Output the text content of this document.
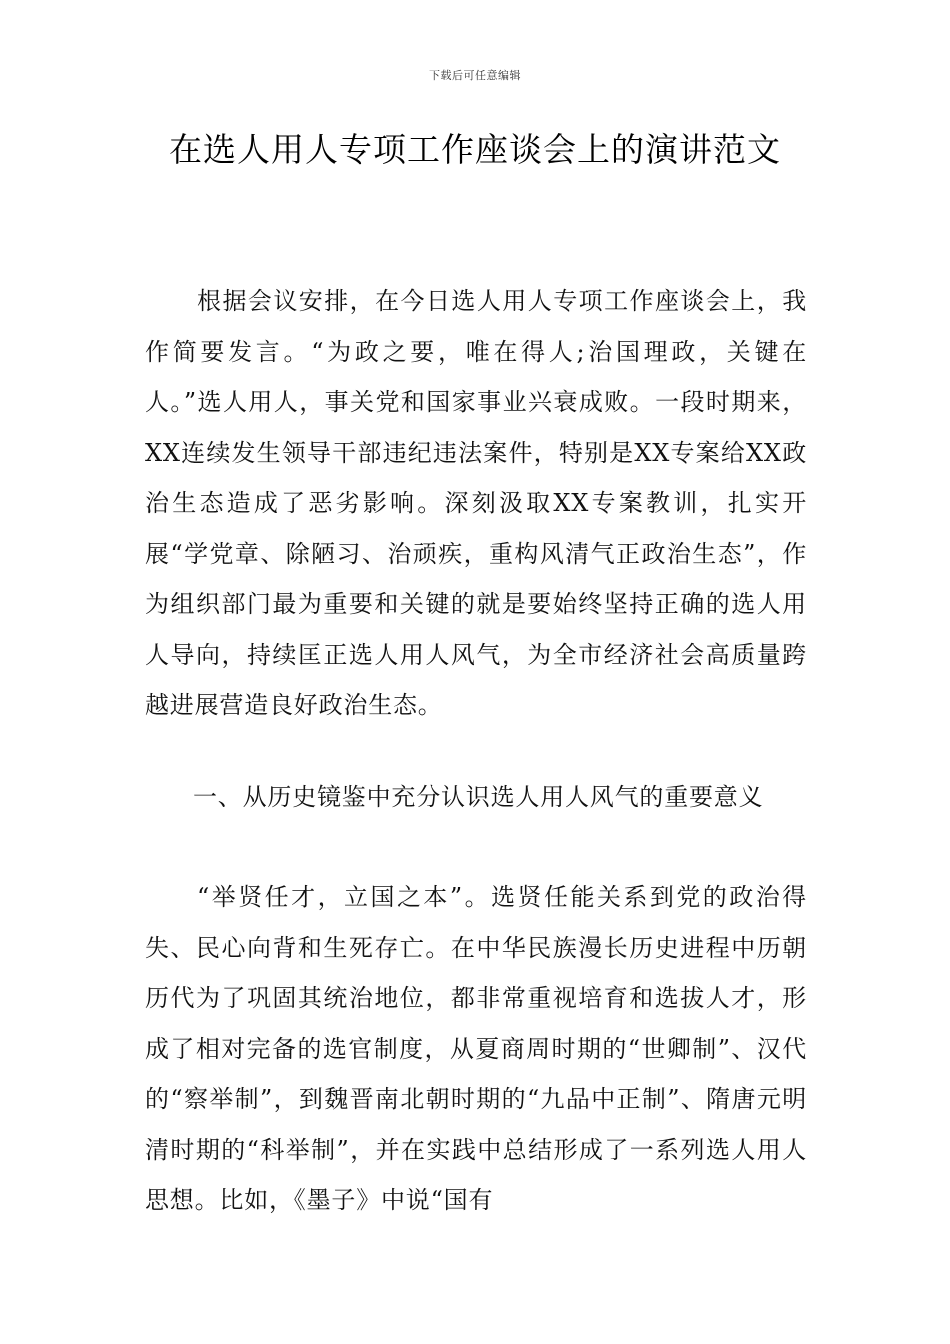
下载后可任意编辑
在选人用人专项工作座谈会上的演讲范文

根据会议安排，在今日选人用人专项工作座谈会上，我作简要发言。“为政之要，唯在得人;治国理政，关键在人。”选人用人，事关党和国家事业兴衰成败。一段时期来，XX连续发生领导干部违纪违法案件，特别是XX专案给XX政治生态造成了恶劣影响。深刻汲取XX专案教训，扎实开展“学党章、除陋习、治顽疾，重构风清气正政治生态”，作为组织部门最为重要和关键的就是要始终坚持正确的选人用人导向，持续匡正选人用人风气，为全市经济社会高质量跨越进展营造良好政治生态。

一、从历史镜鉴中充分认识选人用人风气的重要意义

“举贤任才，立国之本”。选贤任能关系到党的政治得失、民心向背和生死存亡。在中华民族漫长历史进程中历朝历代为了巩固其统治地位，都非常重视培育和选拔人才，形成了相对完备的选官制度，从夏商周时期的“世卿制”、汉代的“察举制”，到魏晋南北朝时期的“九品中正制”、隋唐元明清时期的“科举制”，并在实践中总结形成了一系列选人用人思想。比如，《墨子》中说“国有
